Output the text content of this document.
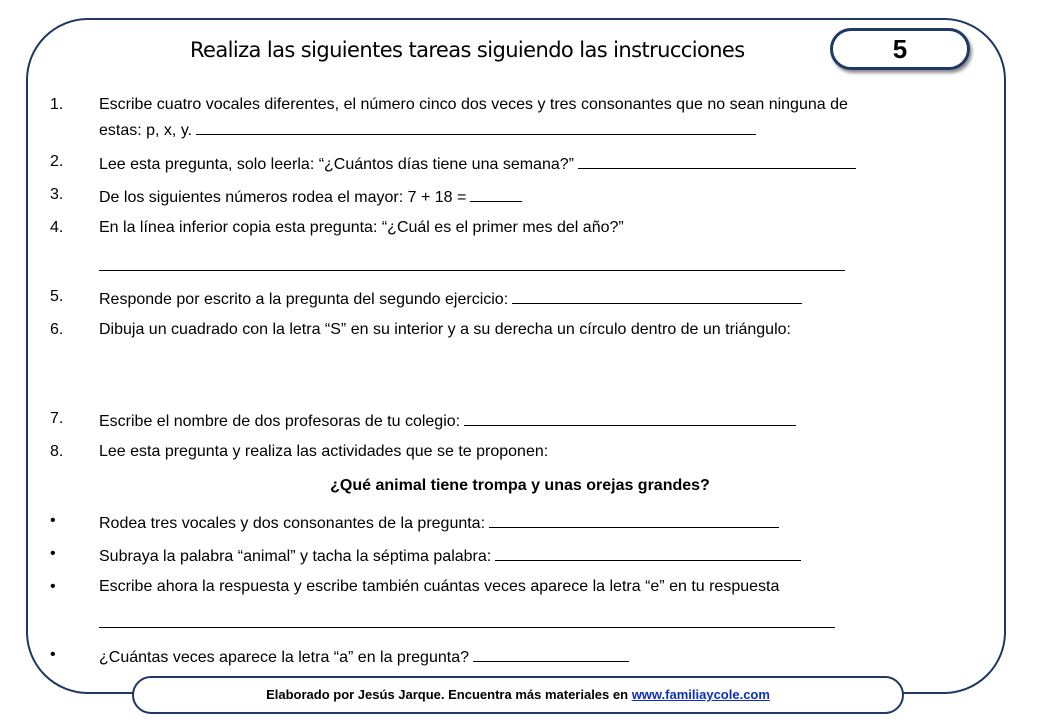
Realiza las siguientes tareas siguiendo las instrucciones	5
1. Escribe cuatro vocales diferentes, el número cinco dos veces y tres consonantes que no sean ninguna de
estas: p, x, y.
2. Lee esta pregunta, solo leerla: “¿Cuántos días tiene una semana?”
3. De los siguientes números rodea el mayor: 7 + 18 =
4. En la línea inferior copia esta pregunta: “¿Cuál es el primer mes del año?”
5. Responde por escrito a la pregunta del segundo ejercicio:
6. Dibuja un cuadrado con la letra “S” en su interior y a su derecha un círculo dentro de un triángulo:
7. Escribe el nombre de dos profesoras de tu colegio:
8. Lee esta pregunta y realiza las actividades que se te proponen:
¿Qué animal tiene trompa y unas orejas grandes?
•	Rodea tres vocales y dos consonantes de la pregunta:
•	Subraya la palabra “animal” y tacha la séptima palabra:
•	Escribe ahora la respuesta y escribe también cuántas veces aparece la letra “e” en tu respuesta
•	¿Cuántas veces aparece la letra “a” en la pregunta?
Elaborado por Jesús Jarque. Encuentra más materiales en www.familiaycole.com
